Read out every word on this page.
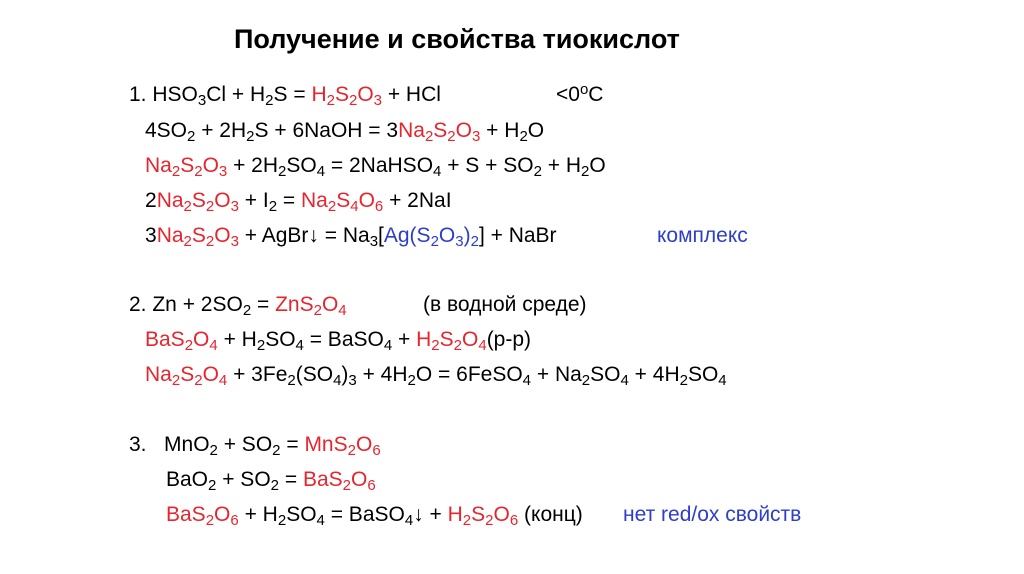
Получение и свойства тиокислот
1. $HSO_3Cl + H_2S = H_2S_2O_3$ + HCl	$<0^oC$
$4SO_2 + 2H_2S$ + 6NaOH = $3Na_2S_2O_3 + H_2O$
$Na_2S_2O_3 + 2H_2SO_4$ = 2NaHSO$_4$ + $S + SO_2 + H_2O$
$2Na_2S_2O_3 + I_2 = Na_2S_4O_6 + 2NaI$
$3Na_2S_2O_3$ + AgBr↓ = $Na_3[Ag(S_2O_3)_2]$ + NaBr	комплекс
2. $Zn + 2SO_2 = ZnS_2O_4$	(в водной среде)
$BaS_2O_4 + H_2SO_4$ = BaSO$_4$ + $H_2S_2O_4(р-р)$
$Na_2S_2O_4 + 3Fe_2(SO_4)_3 + 4H_2O$ = 6FeSO$_4$ + $Na_2SO_4 + 4H_2SO_4$
3.   $MnO_2 + SO_2 = MnS_2O_6$
$BaO_2 + SO_2 = BaS_2O_6$
$BaS_2O_6 + H_2SO_4$ = BaSO$_4$↓ + $H_2S_2O_6$ (конц) нет red/ox свойств
